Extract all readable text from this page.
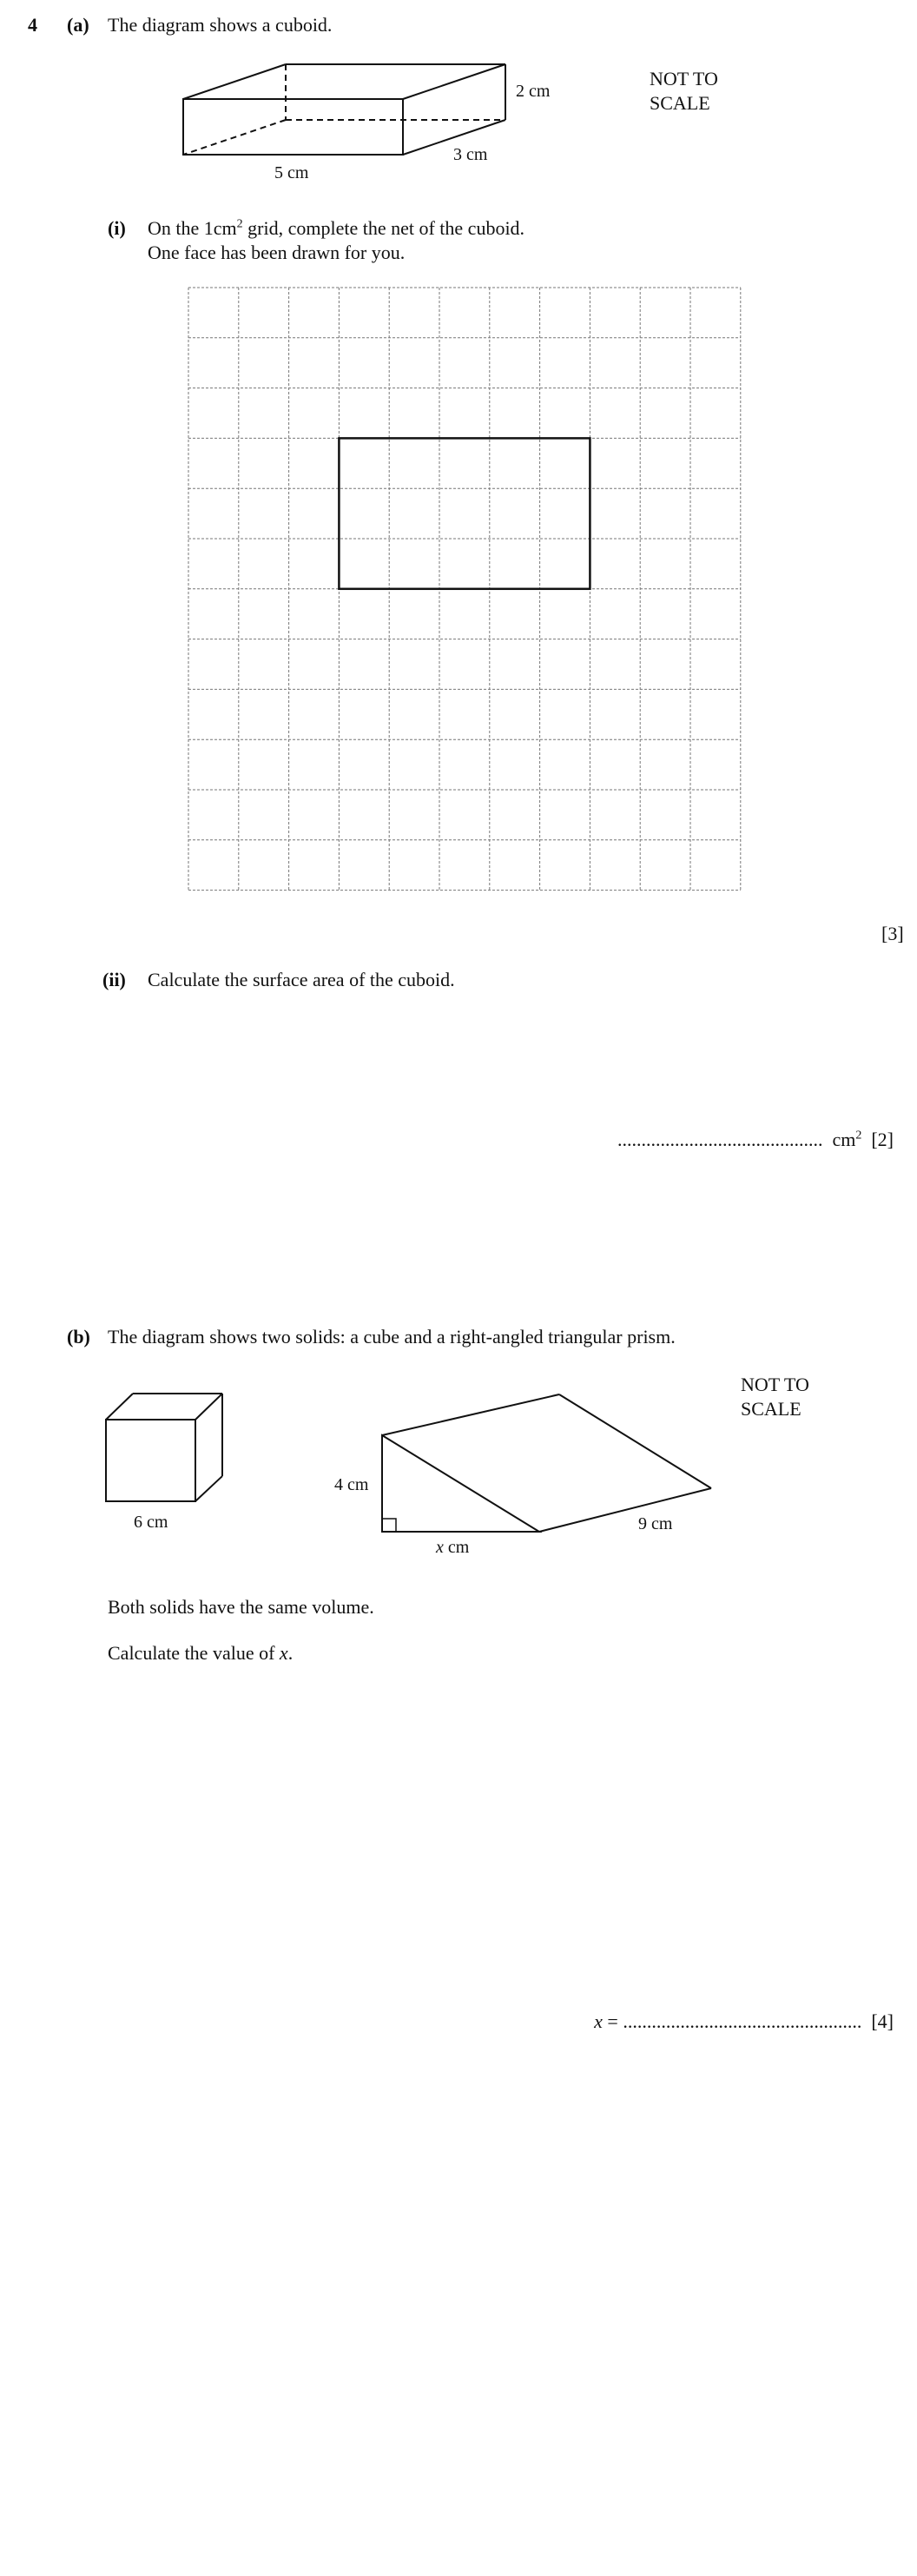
4 (a) The diagram shows a cuboid.
2 cm
5 cm
3 cm
NOT TO
SCALE
(i) On the $1cm^2$ grid, complete the net of the cuboid.
One face has been drawn for you.
[3]
(ii) Calculate the surface area of the cuboid.
........................................... $cm^2$ [2]
(b) The diagram shows two solids: a cube and a right-angled triangular prism.
6 cm
4 cm
x cm
9 cm
NOT TO
SCALE
Both solids have the same volume.
Calculate the value of x.
x = .................................................. [4]
